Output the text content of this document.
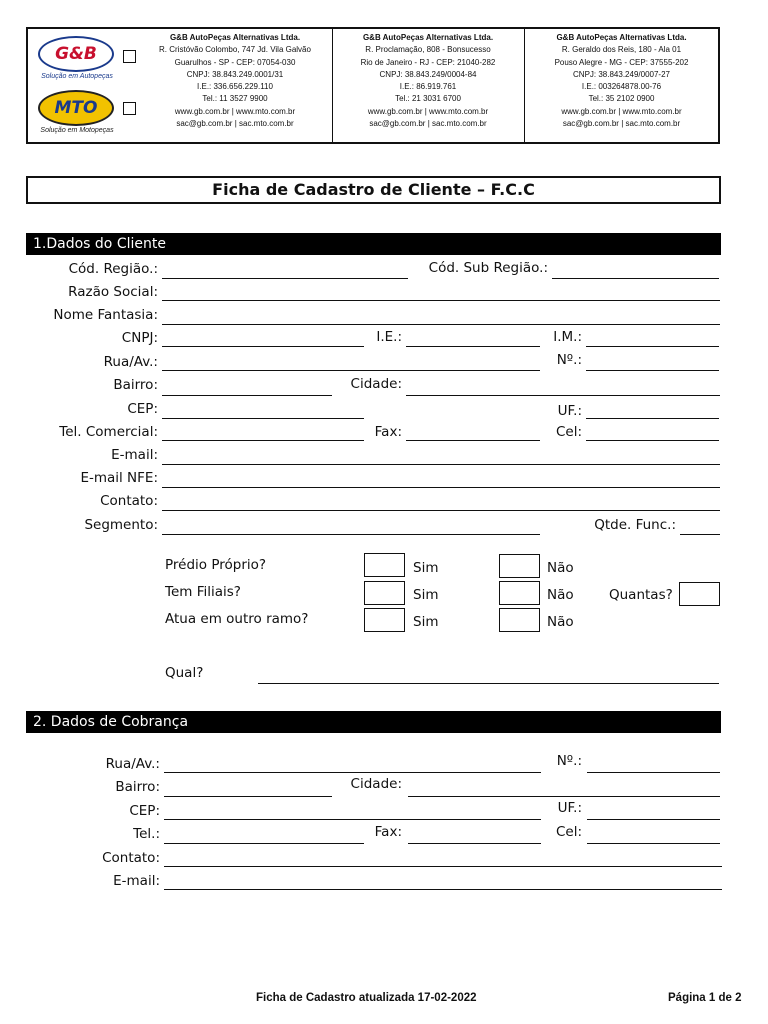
G&B
Solução em Autopeças
MTO
Solução em Motopeças
G&B AutoPeças Alternativas Ltda.
R. Cristóvão Colombo, 747 Jd. Vila Galvão
Guarulhos - SP - CEP: 07054-030
CNPJ: 38.843.249.0001/31
I.E.: 336.656.229.110
Tel.: 11 3527 9900
www.gb.com.br | www.mto.com.br
sac@gb.com.br | sac.mto.com.br
G&B AutoPeças Alternativas Ltda.
R. Proclamação, 808 - Bonsucesso
Rio de Janeiro - RJ - CEP: 21040-282
CNPJ: 38.843.249/0004-84
I.E.: 86.919.761
Tel.: 21 3031 6700
www.gb.com.br | www.mto.com.br
sac@gb.com.br | sac.mto.com.br
G&B AutoPeças Alternativas Ltda.
R. Geraldo dos Reis, 180 - Ala 01
Pouso Alegre - MG - CEP: 37555-202
CNPJ: 38.843.249/0007-27
I.E.: 003264878.00-76
Tel.: 35 2102 0900
www.gb.com.br | www.mto.com.br
sac@gb.com.br | sac.mto.com.br
Ficha de Cadastro de Cliente – F.C.C
1.Dados do Cliente
Cód. Região.:	Cód. Sub Região.:
Razão Social:
Nome Fantasia:
CNPJ:	I.E.:	I.M.:
Rua/Av.:	Nº.:
Bairro:	Cidade:
CEP:	UF.:
Tel. Comercial:	Fax:	Cel:
E-mail:
E-mail NFE:
Contato:
Segmento:	Qtde. Func.:
Prédio Próprio?	Sim	Não
Tem Filiais?	Sim	Não	Quantas?
Atua em outro ramo?	Sim	Não
Qual?
2. Dados de Cobrança
Rua/Av.:	Nº.:
Bairro:	Cidade:
CEP:	UF.:
Tel.:	Fax:	Cel:
Contato:
E-mail:
Ficha de Cadastro atualizada 17-02-2022	Página 1 de 2
